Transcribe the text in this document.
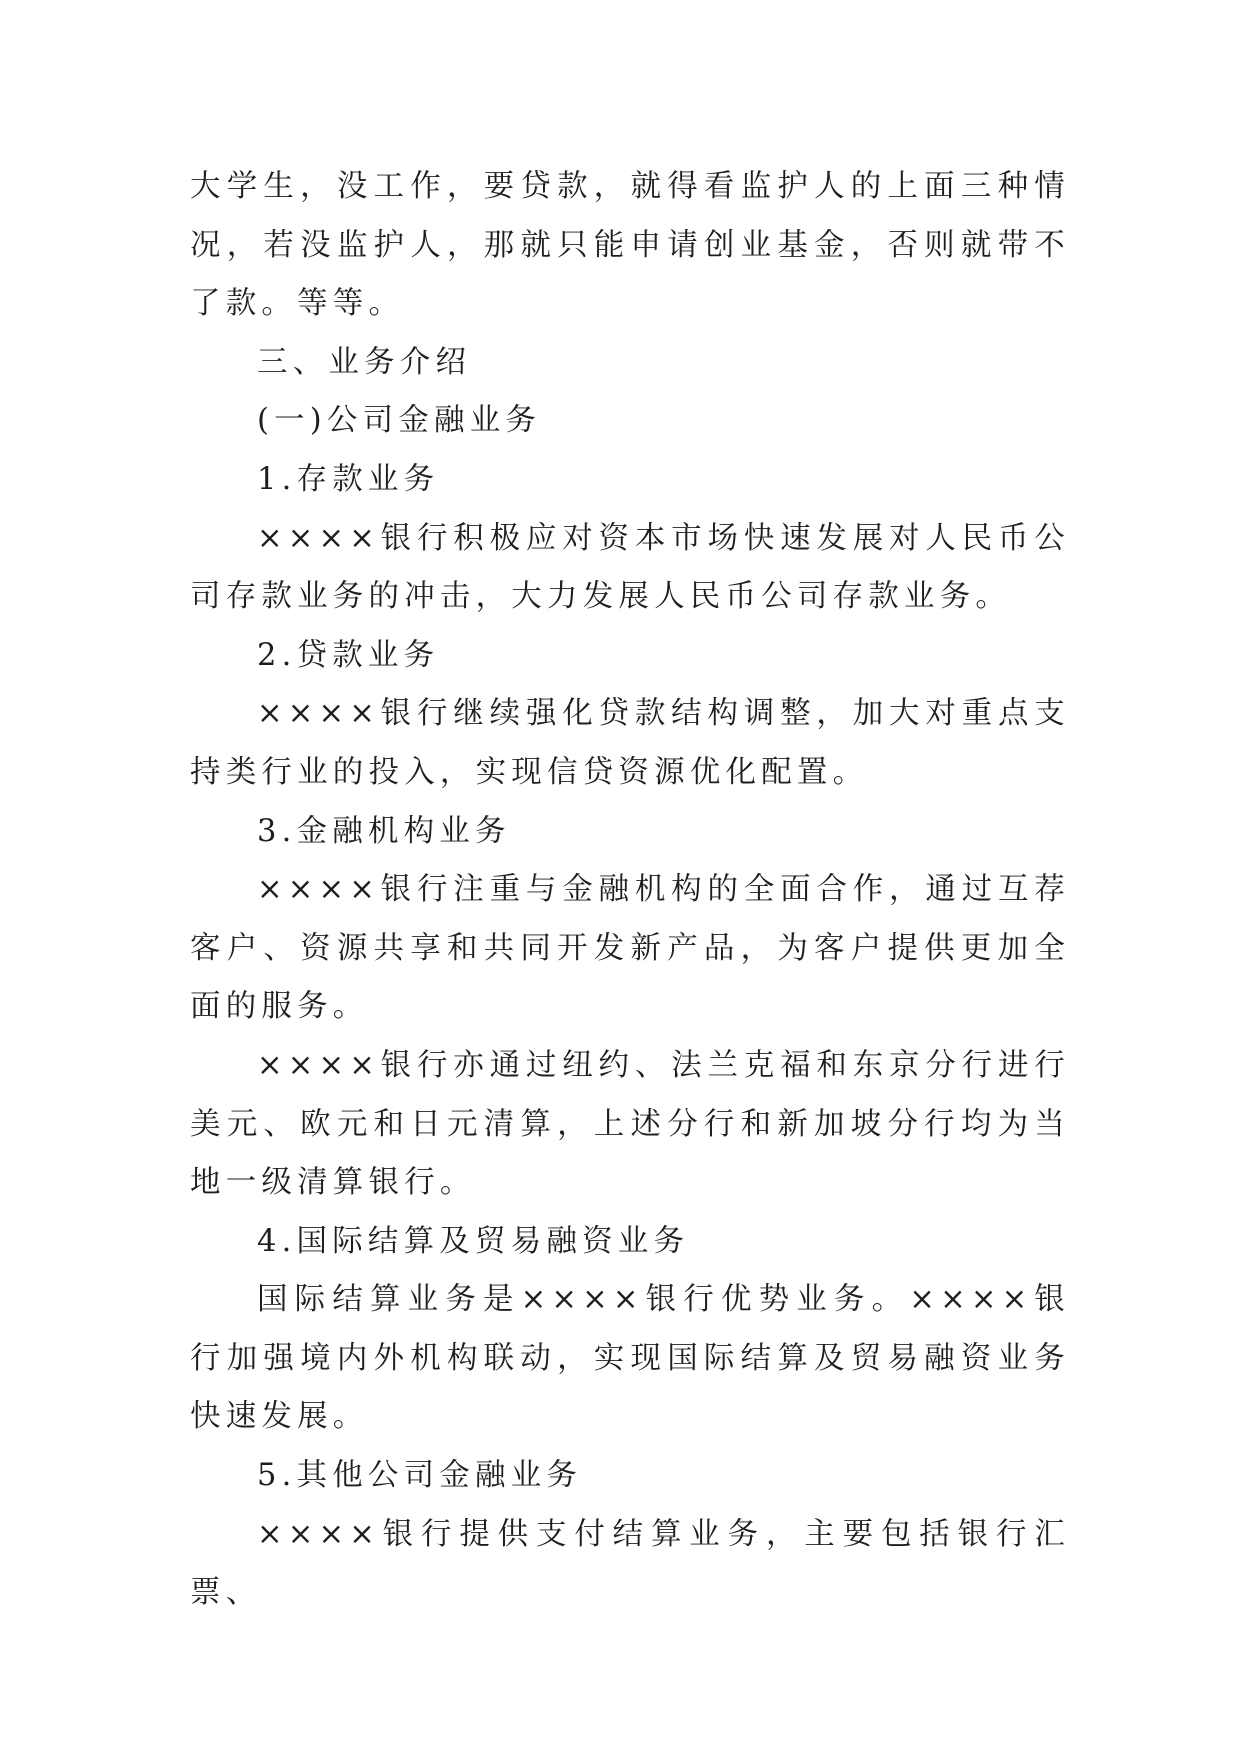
大学生，没工作，要贷款，就得看监护人的上面三种情况，若没监护人，那就只能申请创业基金，否则就带不了款。等等。

三、业务介绍

(一)公司金融业务

1.存款业务

××××银行积极应对资本市场快速发展对人民币公司存款业务的冲击，大力发展人民币公司存款业务。

2.贷款业务

××××银行继续强化贷款结构调整，加大对重点支持类行业的投入，实现信贷资源优化配置。

3.金融机构业务

××××银行注重与金融机构的全面合作，通过互荐客户、资源共享和共同开发新产品，为客户提供更加全面的服务。

××××银行亦通过纽约、法兰克福和东京分行进行美元、欧元和日元清算，上述分行和新加坡分行均为当地一级清算银行。

4.国际结算及贸易融资业务

国际结算业务是××××银行优势业务。××××银行加强境内外机构联动，实现国际结算及贸易融资业务快速发展。

5.其他公司金融业务

××××银行提供支付结算业务，主要包括银行汇票、
